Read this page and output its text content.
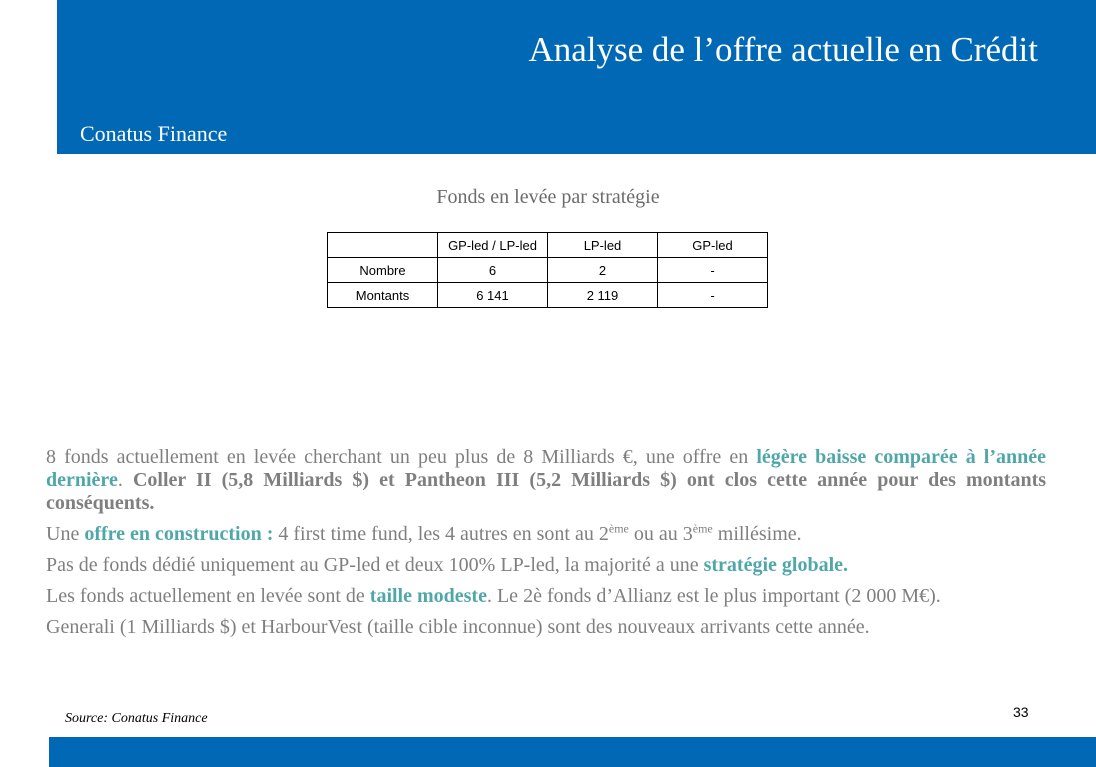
Analyse de l’offre actuelle en Crédit
Conatus Finance
Fonds en levée par stratégie
	GP-led / LP-led	LP-led	GP-led
Nombre	6	2	-
Montants	6 141	2 119	-

8 fonds actuellement en levée cherchant un peu plus de 8 Milliards €, une offre en légère baisse comparée à l’année dernière. Coller II (5,8 Milliards $) et Pantheon III (5,2 Milliards $) ont clos cette année pour des montants conséquents.

Une offre en construction : 4 first time fund, les 4 autres en sont au 2ème ou au 3ème millésime.

Pas de fonds dédié uniquement au GP-led et deux 100% LP-led, la majorité a une stratégie globale.

Les fonds actuellement en levée sont de taille modeste. Le 2è fonds d’Allianz est le plus important (2 000 M€).

Generali (1 Milliards $) et HarbourVest (taille cible inconnue) sont des nouveaux arrivants cette année.

Source: Conatus Finance	33
